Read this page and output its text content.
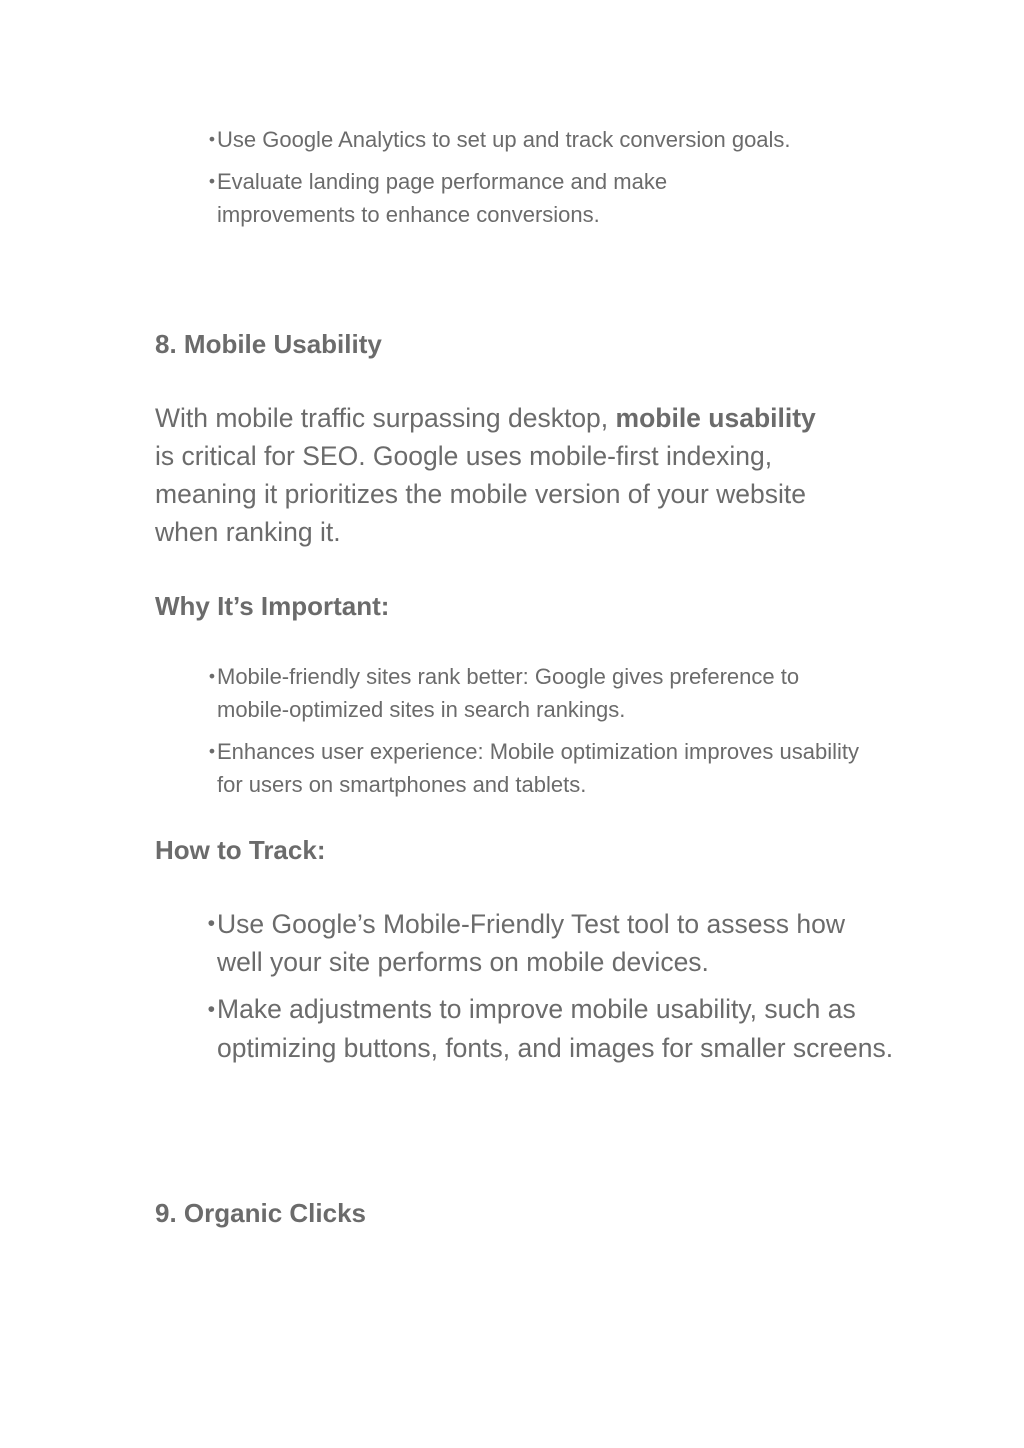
•Use Google Analytics to set up and track conversion goals.
•Evaluate landing page performance and make improvements to enhance conversions.
8. Mobile Usability

With mobile traffic surpassing desktop, mobile usability is critical for SEO. Google uses mobile-first indexing, meaning it prioritizes the mobile version of your website when ranking it.

Why It’s Important:
•Mobile-friendly sites rank better: Google gives preference to mobile-optimized sites in search rankings.
•Enhances user experience: Mobile optimization improves usability for users on smartphones and tablets.
How to Track:
•Use Google’s Mobile-Friendly Test tool to assess how well your site performs on mobile devices.
•Make adjustments to improve mobile usability, such as optimizing buttons, fonts, and images for smaller screens.
9. Organic Clicks
